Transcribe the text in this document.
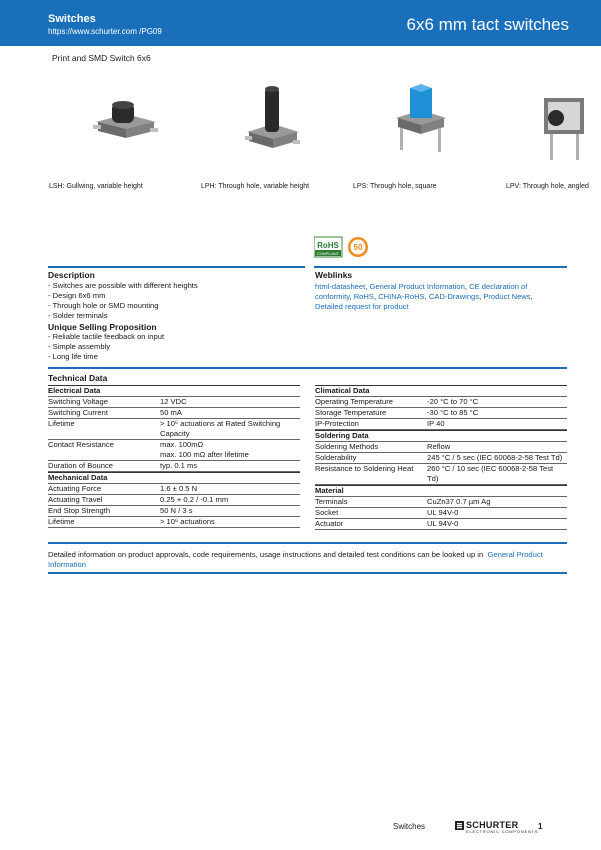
Switches
https://www.schurter.com /PG09	6x6 mm tact switches
Print and SMD Switch 6x6
LSH: Gullwing, variable height	LPH: Through hole, variable height	LPS: Through hole, square	LPV: Through hole, angled
RoHS
COMPLIANT
50
Description
- Switches are possible with different heights
- Design 6x6 mm
- Through hole or SMD mounting
- Solder terminals
Unique Selling Proposition
- Reliable tactile feedback on input
- Simple assembly
- Long life time
Weblinks
html-datasheet, General Product Information, CE declaration of conformity, RoHS, CHINA-RoHS, CAD-Drawings, Product News, Detailed request for product
Technical Data
Electrical Data
Switching Voltage	12 VDC
Switching Current	50 mA
Lifetime	> 10⁶ actuations at Rated Switching Capacity
Contact Resistance	max. 100mΩ
max. 100 mΩ after lifetime
Duration of Bounce	typ. 0.1 ms
Mechanical Data
Actuating Force	1.6 ± 0.5 N
Actuating Travel	0.25 + 0.2 / -0.1 mm
End Stop Strength	50 N / 3 s
Lifetime	> 10⁶ actuations
Climatical Data
Operating Temperature	-20 °C to 70 °C
Storage Temperature	-30 °C to 85 °C
IP-Protection	IP 40
Soldering Data
Soldering Methods	Reflow
Solderability	245 °C / 5 sec (IEC 60068-2-58 Test Td)
Resistance to Soldering Heat	260 °C / 10 sec (IEC 60068-2-58 Test Td)
Material
Terminals	CuZn37 0.7 µm Ag
Socket	UL 94V-0
Actuator	UL 94V-0
Detailed information on product approvals, code requirements, usage instructions and detailed test conditions can be looked up in General Product Information
Switches	SCHURTER
ELECTRONIC COMPONENTS
1
